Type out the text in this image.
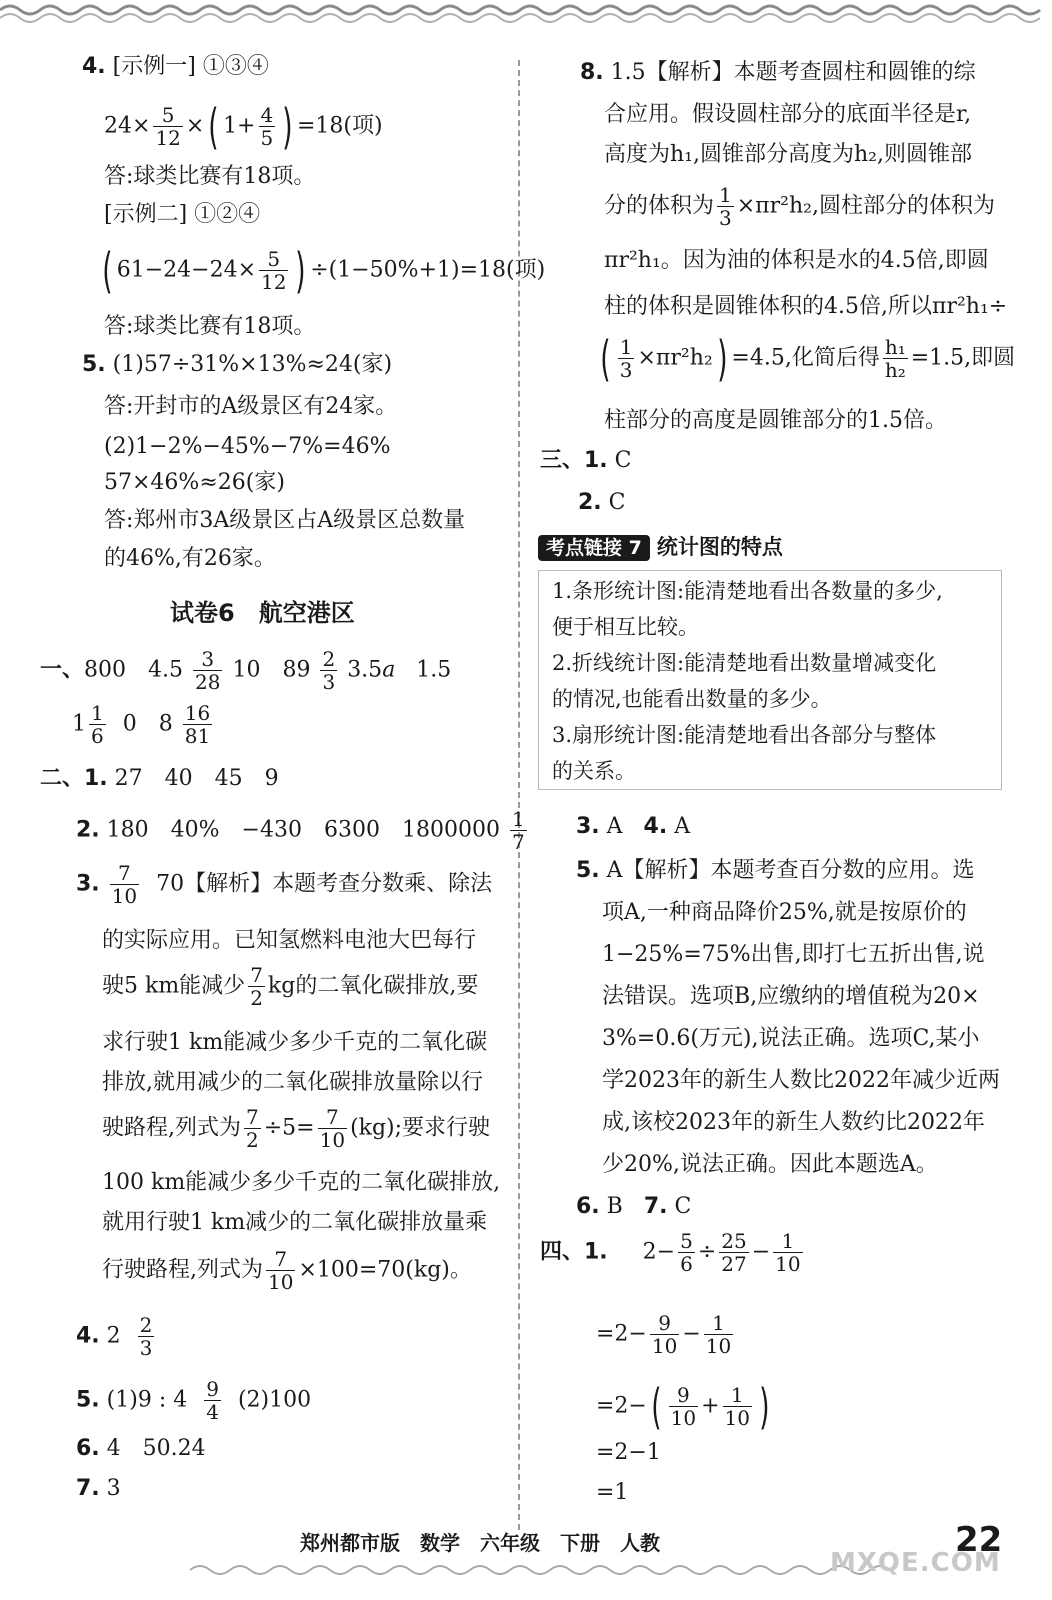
4. [示例一] ①③④
$24\times \frac{5}{12}$ ×( $1+ \frac{4}{5}$ ) =18(项)
答:球类比赛有18项。
[示例二] ①②④
( $61-24-24\times \frac{5}{12}$ ) ÷(1−50%+1)=18(项)
答:球类比赛有18项。
5. (1)57÷31%×13%≈24(家)
答:开封市的A级景区有24家。
(2)1−2%−45%−7%=46%
57×46%≈26(家)
答:郑州市3A级景区占A级景区总数量
的46%,有26家。
试卷6　航空港区
一、800　$4.5 \frac{3}{28} 10$　$89 \frac{2}{3} 3.5a$ 1.5
$1 \frac{1}{6} 0$　$8 \frac{16}{81}$
二、1. 27　40　45　9
2. 180　40%　−430　6300　$1800000 \frac{1}{7}$
3. $\frac{7}{10} 70$【解析】本题考查分数乘、除法
的实际应用。已知氢燃料电池大巴每行
驶5 km能减少 $\frac{7}{2}$ kg的二氧化碳排放,要
求行驶1 km能减少多少千克的二氧化碳
排放,就用减少的二氧化碳排放量除以行
驶路程,列式为 $\frac{7}{2} \div 5= \frac{7}{10} (kg)$;要求行驶
100 km能减少多少千克的二氧化碳排放,
就用行驶1 km减少的二氧化碳排放量乘
行驶路程,列式为 $\frac{7}{10} \times 100=70(kg)$。
4. $2 \frac{2}{3}$
5. (1)9 : $4 \frac{9}{4} (2)100$
6. 4　50.24
7. 3
8. 1.5【解析】本题考查圆柱和圆锥的综
合应用。假设圆柱部分的底面半径是r,
高度为h₁,圆锥部分高度为h₂,则圆锥部
分的体积为 $\frac{1}{3} \times\pi r^2h_2$,圆柱部分的体积为
πr²h₁。因为油的体积是水的4.5倍,即圆
柱的体积是圆锥体积的4.5倍,所以πr²h₁÷
( $\frac{1}{3} \times\pi r^2h_2) =4.5$,化简后得 $\frac{\text{h₁}}{\text{h₂}} =1.5$,即圆
柱部分的高度是圆锥部分的1.5倍。
三、1. C
2. C
考点链接 7 统计图的特点
1.条形统计图:能清楚地看出各数量的多少,
便于相互比较。
2.折线统计图:能清楚地看出数量增减变化
的情况,也能看出数量的多少。
3.扇形统计图:能清楚地看出各部分与整体
的关系。
3. A 4. A
5. A【解析】本题考查百分数的应用。选
项A,一种商品降价25%,就是按原价的
1−25%=75%出售,即打七五折出售,说
法错误。选项B,应缴纳的增值税为20×
3%=0.6(万元),说法正确。选项C,某小
学2023年的新生人数比2022年减少近两
成,该校2023年的新生人数约比2022年
少20%,说法正确。因此本题选A。
6. B 7. C
四、1. $2- \frac{5}{6} \div \frac{25}{27} - \frac{1}{10}$
$=2- \frac{9}{10} - \frac{1}{10}$
$=2-( \frac{9}{10} + \frac{1}{10}$ )
=2−1
=1
郑州都市版　数学　六年级　下册　人教
MXQE.COM
22
